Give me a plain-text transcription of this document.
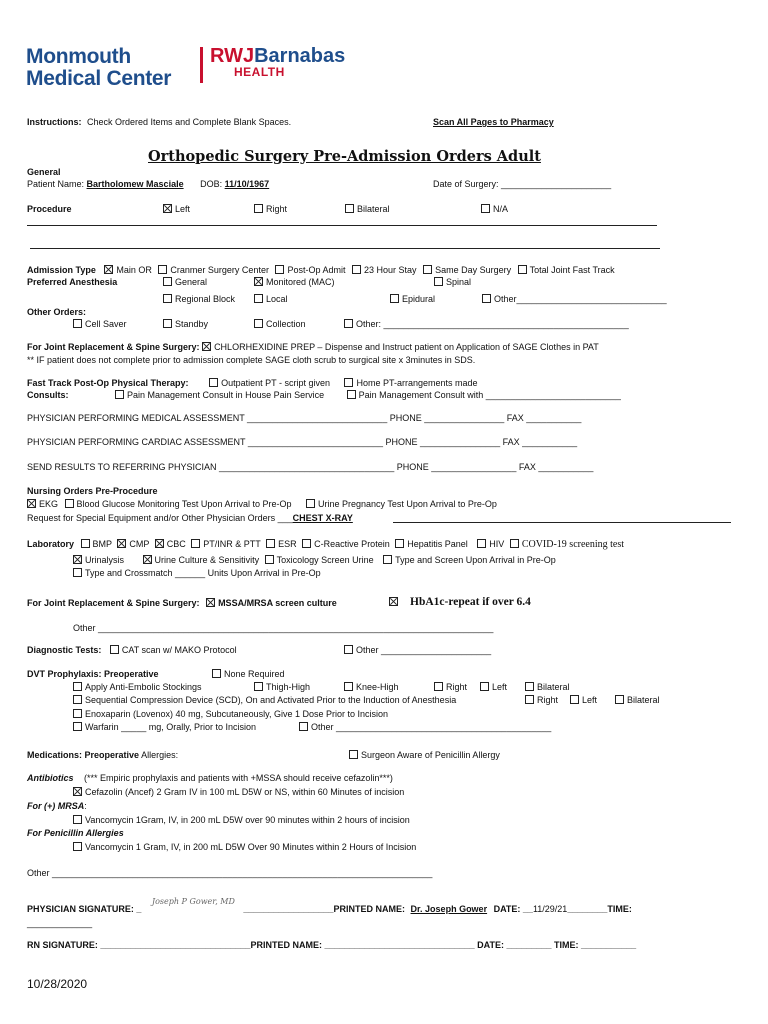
Monmouth
Medical Center
RWJBarnabas
HEALTH
Instructions: Check Ordered Items and Complete Blank Spaces.	Scan All Pages to Pharmacy
Orthopedic Surgery Pre-Admission Orders Adult
General
Patient Name: Bartholomew Masciale DOB: 11/10/1967	Date of Surgery: ______________________
Procedure	Left	Right	Bilateral	N/A
Admission Type Main OR Cranmer Surgery Center Post-Op Admit 23 Hour Stay Same Day Surgery Total Joint Fast Track
Preferred Anesthesia	General	Monitored (MAC)	Spinal
Regional Block	Local	Epidural	Other______________________________
Other Orders:
Cell Saver	Standby	Collection	Other: _________________________________________________
For Joint Replacement & Spine Surgery: CHLORHEXIDINE PREP – Dispense and Instruct patient on Application of SAGE Clothes in PAT
** IF patient does not complete prior to admission complete SAGE cloth scrub to surgical site x 3minutes in SDS.
Fast Track Post-Op Physical Therapy:	Outpatient PT - script given	Home PT-arrangements made
Consults:	Pain Management Consult in House Pain Service	Pain Management Consult with ___________________________
PHYSICIAN PERFORMING MEDICAL ASSESSMENT ____________________________ PHONE ________________ FAX ___________
PHYSICIAN PERFORMING CARDIAC ASSESSMENT ___________________________ PHONE ________________ FAX ___________
SEND RESULTS TO REFERRING PHYSICIAN ___________________________________ PHONE _________________ FAX ___________
Nursing Orders Pre-Procedure
EKG Blood Glucose Monitoring Test Upon Arrival to Pre-Op	Urine Pregnancy Test Upon Arrival to Pre-Op
Request for Special Equipment and/or Other Physician Orders ___CHEST X-RAY
Laboratory BMP CMP CBC PT/INR & PTT ESR C-Reactive Protein Hepatitis Panel HIV COVID-19 screening test
Urinalysis	Urine Culture & Sensitivity Toxicology Screen Urine Type and Screen Upon Arrival in Pre-Op
Type and Crossmatch ______ Units Upon Arrival in Pre-Op
For Joint Replacement & Spine Surgery: MSSA/MRSA screen culture	HbA1c-repeat if over 6.4
Other _______________________________________________________________________________
Diagnostic Tests: CAT scan w/ MAKO Protocol	Other ______________________
DVT Prophylaxis: Preoperative	None Required
Apply Anti-Embolic Stockings	Thigh-High	Knee-High	Right	Left	Bilateral
Sequential Compression Device (SCD), On and Activated Prior to the Induction of Anesthesia	Right	Left	Bilateral
Enoxaparin (Lovenox) 40 mg, Subcutaneously, Give 1 Dose Prior to Incision
Warfarin _____ mg, Orally, Prior to Incision	Other ___________________________________________
Medications: Preoperative Allergies:	Surgeon Aware of Penicillin Allergy
Antibiotics (*** Empiric prophylaxis and patients with +MSSA should receive cefazolin***)
Cefazolin (Ancef) 2 Gram IV in 100 mL D5W or NS, within 60 Minutes of incision
For (+) MRSA:
Vancomycin 1Gram, IV, in 200 mL D5W over 90 minutes within 2 hours of incision
For Penicillin Allergies
Vancomycin 1 Gram, IV, in 200 mL D5W Over 90 Minutes within 2 Hours of Incision
Other ____________________________________________________________________________
PHYSICIAN SIGNATURE: _ Joseph P Gower, MD __________________PRINTED NAME: Dr. Joseph Gower DATE: __11/29/21________TIME:
_____________
RN SIGNATURE: ______________________________PRINTED NAME: ______________________________ DATE: _________ TIME: ___________
10/28/2020
